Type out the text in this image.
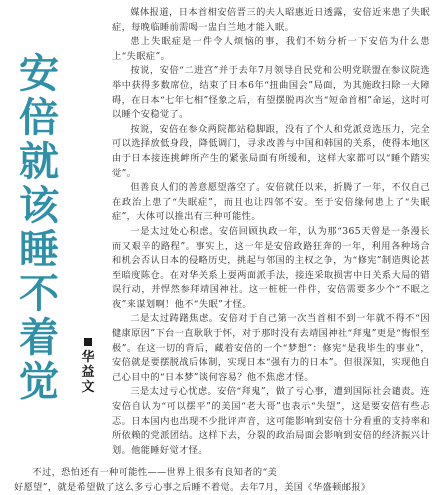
安
倍
就
该
睡
不
着
觉
华
益
文

媒体报道，日本首相安倍晋三的夫人昭惠近日透露，安倍近来患了失眠症，每晚临睡前需喝一盅白兰地才能入眠。

患上失眠症是一件令人烦恼的事，我们不妨分析一下安倍为什么患上“失眠症”。

按说，安倍“二进宫”并于去年7月领导自民党和公明党联盟在参议院选举中获得多数席位，结束了日本6年“扭曲国会”局面，为其施政扫除一大障碍，在日本“七年七相”怪象之后，有望摆脱再次当“短命首相”命运，这时可以睡个安稳觉了。

按说，安倍在参众两院都站稳脚跟，没有了个人和党派竞选压力，完全可以选择放低身段，降低调门，寻求改善与中国和韩国的关系，使得本地区由于日本接连挑衅所产生的紧张局面有所缓和，这样大家都可以“睡个踏实觉”。

但善良人们的善意愿望落空了。安倍就任以来，折腾了一年，不仅自己在政治上患了“失眠症”，而且也让四邻不安。至于安倍缘何患上了“失眠症”，大体可以推出有三种可能性。

一是太过处心积虑。安倍回顾执政一年，认为那“365天曾是一条漫长而又艰辛的路程”。事实上，这一年是安倍政路狂奔的一年，利用各种场合和机会否认日本的侵略历史，挑起与邻国的主权之争，为“修宪”制造舆论甚至暗度陈仓。在对华关系上耍两面派手法，接连采取损害中日关系大局的错误行动，并悍然参拜靖国神社。这一桩桩一件件，安倍需要多少个“不眠之夜”来谋划啊！他不“失眠”才怪。

二是太过踌躇焦虑。安倍对于自己第一次当首相不到一年就不得不“因健康原因”下台一直耿耿于怀，对于那时没有去靖国神社“拜鬼”更是“悔恨至极”。在这一切的背后，藏着安倍的一个“梦想”：修宪“是我毕生的事业”，安倍就是要摆脱战后体制，实现日本“强有力的日本”。但很深知，实现他自己心目中的“日本梦”谈何容易？他不焦虑才怪。

三是太过亏心忧虑。安倍“拜鬼”，做了亏心事，遭到国际社会谴责。连安倍自认为“可以摆平”的美国“老大哥”也表示“失望”，这是要安倍有些忐忑。日本国内也出现不少批评声音，这可能影响到安倍十分看重的支持率和所依赖的党派团结。这样下去，分裂的政治局面会影响到安倍的经济振兴计划。他能睡好觉才怪。

不过，恐怕还有一种可能性——世界上很多有良知者的“美

好愿望”，就是希望做了这么多亏心事之后睡不着觉。去年7月，美国《华盛顿邮报》
